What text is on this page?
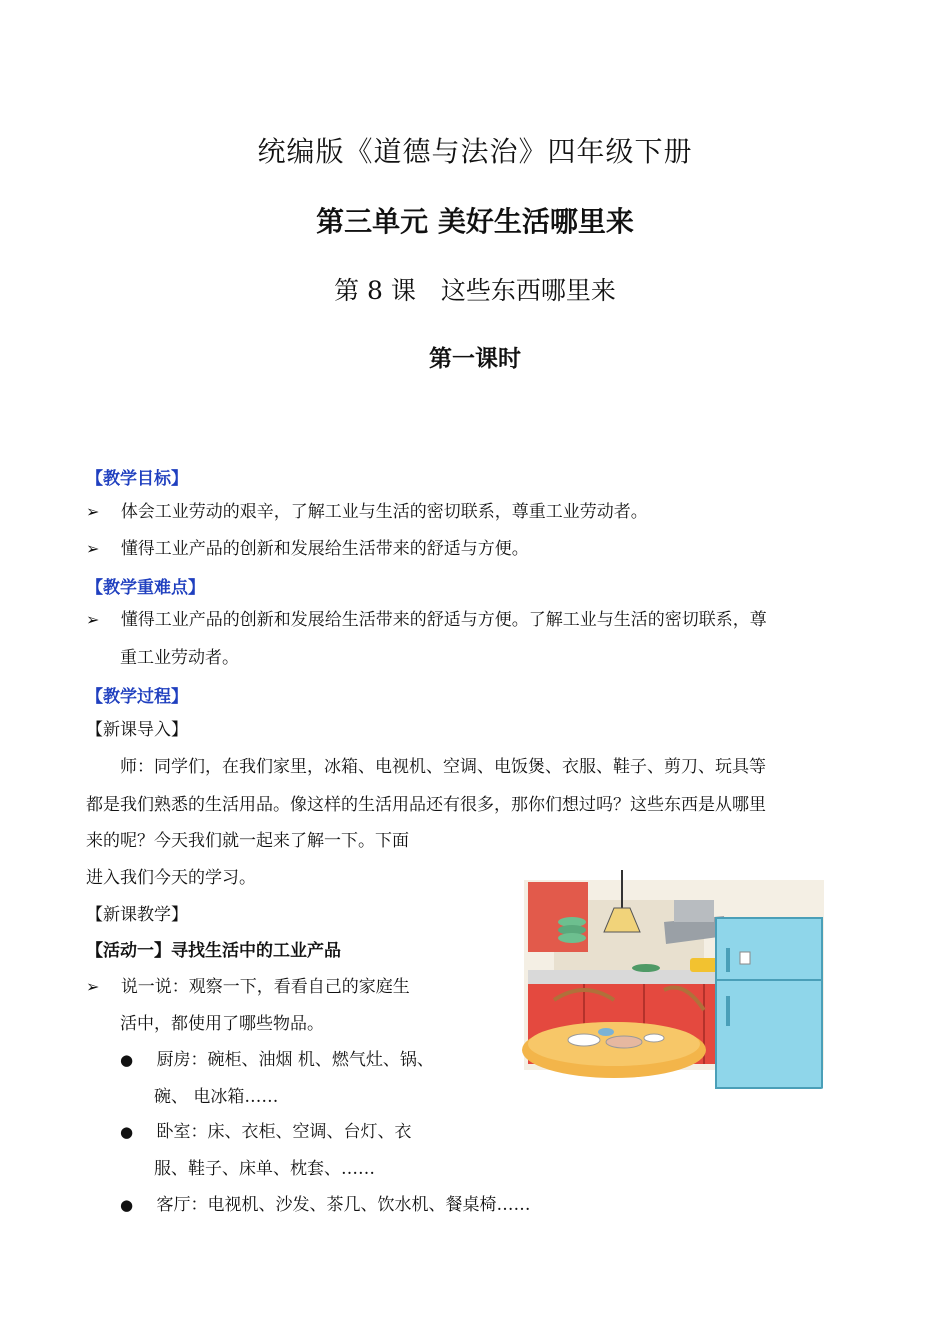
统编版《道德与法治》四年级下册
第三单元 美好生活哪里来
第 8 课　这些东西哪里来
第一课时
【教学目标】
➢ 体会工业劳动的艰辛，了解工业与生活的密切联系，尊重工业劳动者。
➢ 懂得工业产品的创新和发展给生活带来的舒适与方便。
【教学重难点】
➢ 懂得工业产品的创新和发展给生活带来的舒适与方便。了解工业与生活的密切联系，尊
重工业劳动者。
【教学过程】
【新课导入】
师：同学们，在我们家里，冰箱、电视机、空调、电饭煲、衣服、鞋子、剪刀、玩具等
都是我们熟悉的生活用品。像这样的生活用品还有很多，那你们想过吗？这些东西是从哪里
来的呢？今天我们就一起来了解一下。下面
进入我们今天的学习。
【新课教学】
【活动一】寻找生活中的工业产品
➢ 说一说：观察一下，看看自己的家庭生
活中，都使用了哪些物品。
● 厨房：碗柜、油烟 机、燃气灶、锅、
碗、 电冰箱……
● 卧室：床、衣柜、空调、台灯、衣
服、鞋子、床单、枕套、……
● 客厅：电视机、沙发、茶几、饮水机、餐桌椅……
